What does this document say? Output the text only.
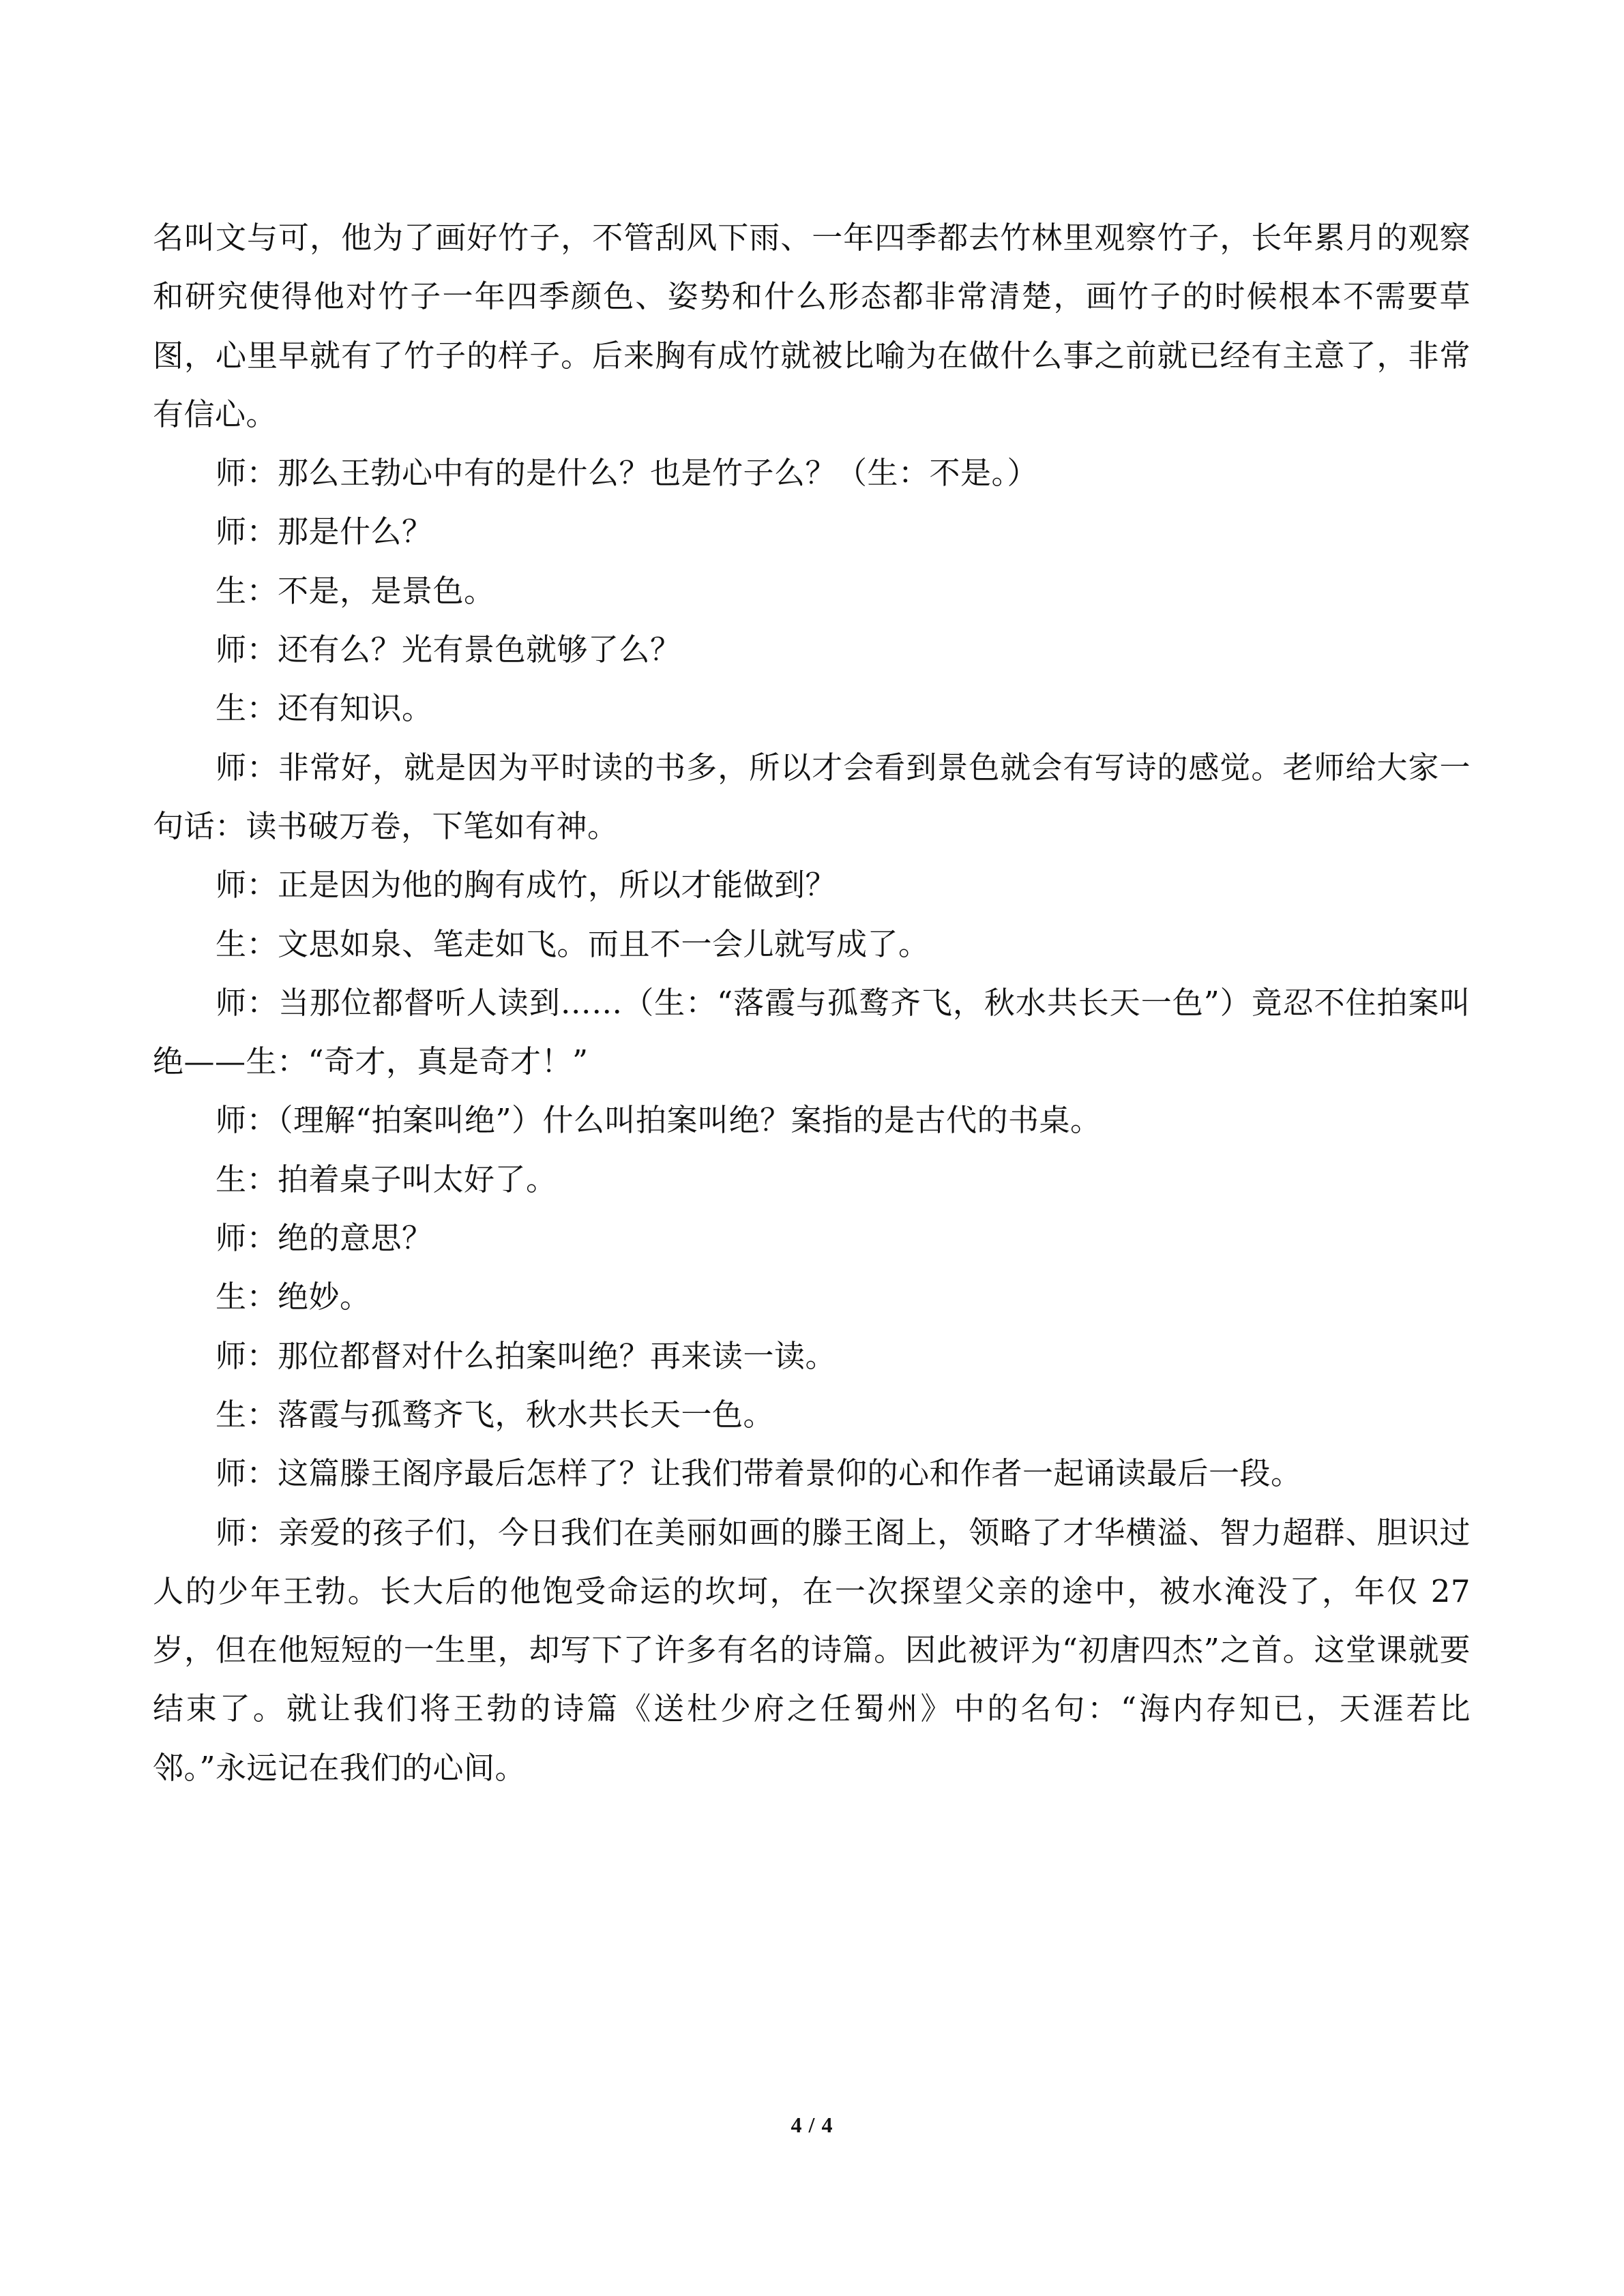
名叫文与可，他为了画好竹子，不管刮风下雨、一年四季都去竹林里观察竹子，长年累月的观察和研究使得他对竹子一年四季颜色、姿势和什么形态都非常清楚，画竹子的时候根本不需要草图，心里早就有了竹子的样子。后来胸有成竹就被比喻为在做什么事之前就已经有主意了，非常有信心。

师：那么王勃心中有的是什么？也是竹子么？（生：不是。）

师：那是什么？

生：不是，是景色。

师：还有么？光有景色就够了么？

生：还有知识。

师：非常好，就是因为平时读的书多，所以才会看到景色就会有写诗的感觉。老师给大家一句话：读书破万卷，下笔如有神。

师：正是因为他的胸有成竹，所以才能做到？

生：文思如泉、笔走如飞。而且不一会儿就写成了。

师：当那位都督听人读到……（生：“落霞与孤鹜齐飞，秋水共长天一色”）竟忍不住拍案叫绝——生：“奇才，真是奇才！”

师：（理解“拍案叫绝”）什么叫拍案叫绝？案指的是古代的书桌。

生：拍着桌子叫太好了。

师：绝的意思？

生：绝妙。

师：那位都督对什么拍案叫绝？再来读一读。

生：落霞与孤鹜齐飞，秋水共长天一色。

师：这篇滕王阁序最后怎样了？让我们带着景仰的心和作者一起诵读最后一段。

师：亲爱的孩子们，今日我们在美丽如画的滕王阁上，领略了才华横溢、智力超群、胆识过人的少年王勃。长大后的他饱受命运的坎坷，在一次探望父亲的途中，被水淹没了，年仅 27 岁，但在他短短的一生里，却写下了许多有名的诗篇。因此被评为“初唐四杰”之首。这堂课就要结束了。就让我们将王勃的诗篇《送杜少府之任蜀州》中的名句：“海内存知已，天涯若比邻。”永远记在我们的心间。

4 / 4
